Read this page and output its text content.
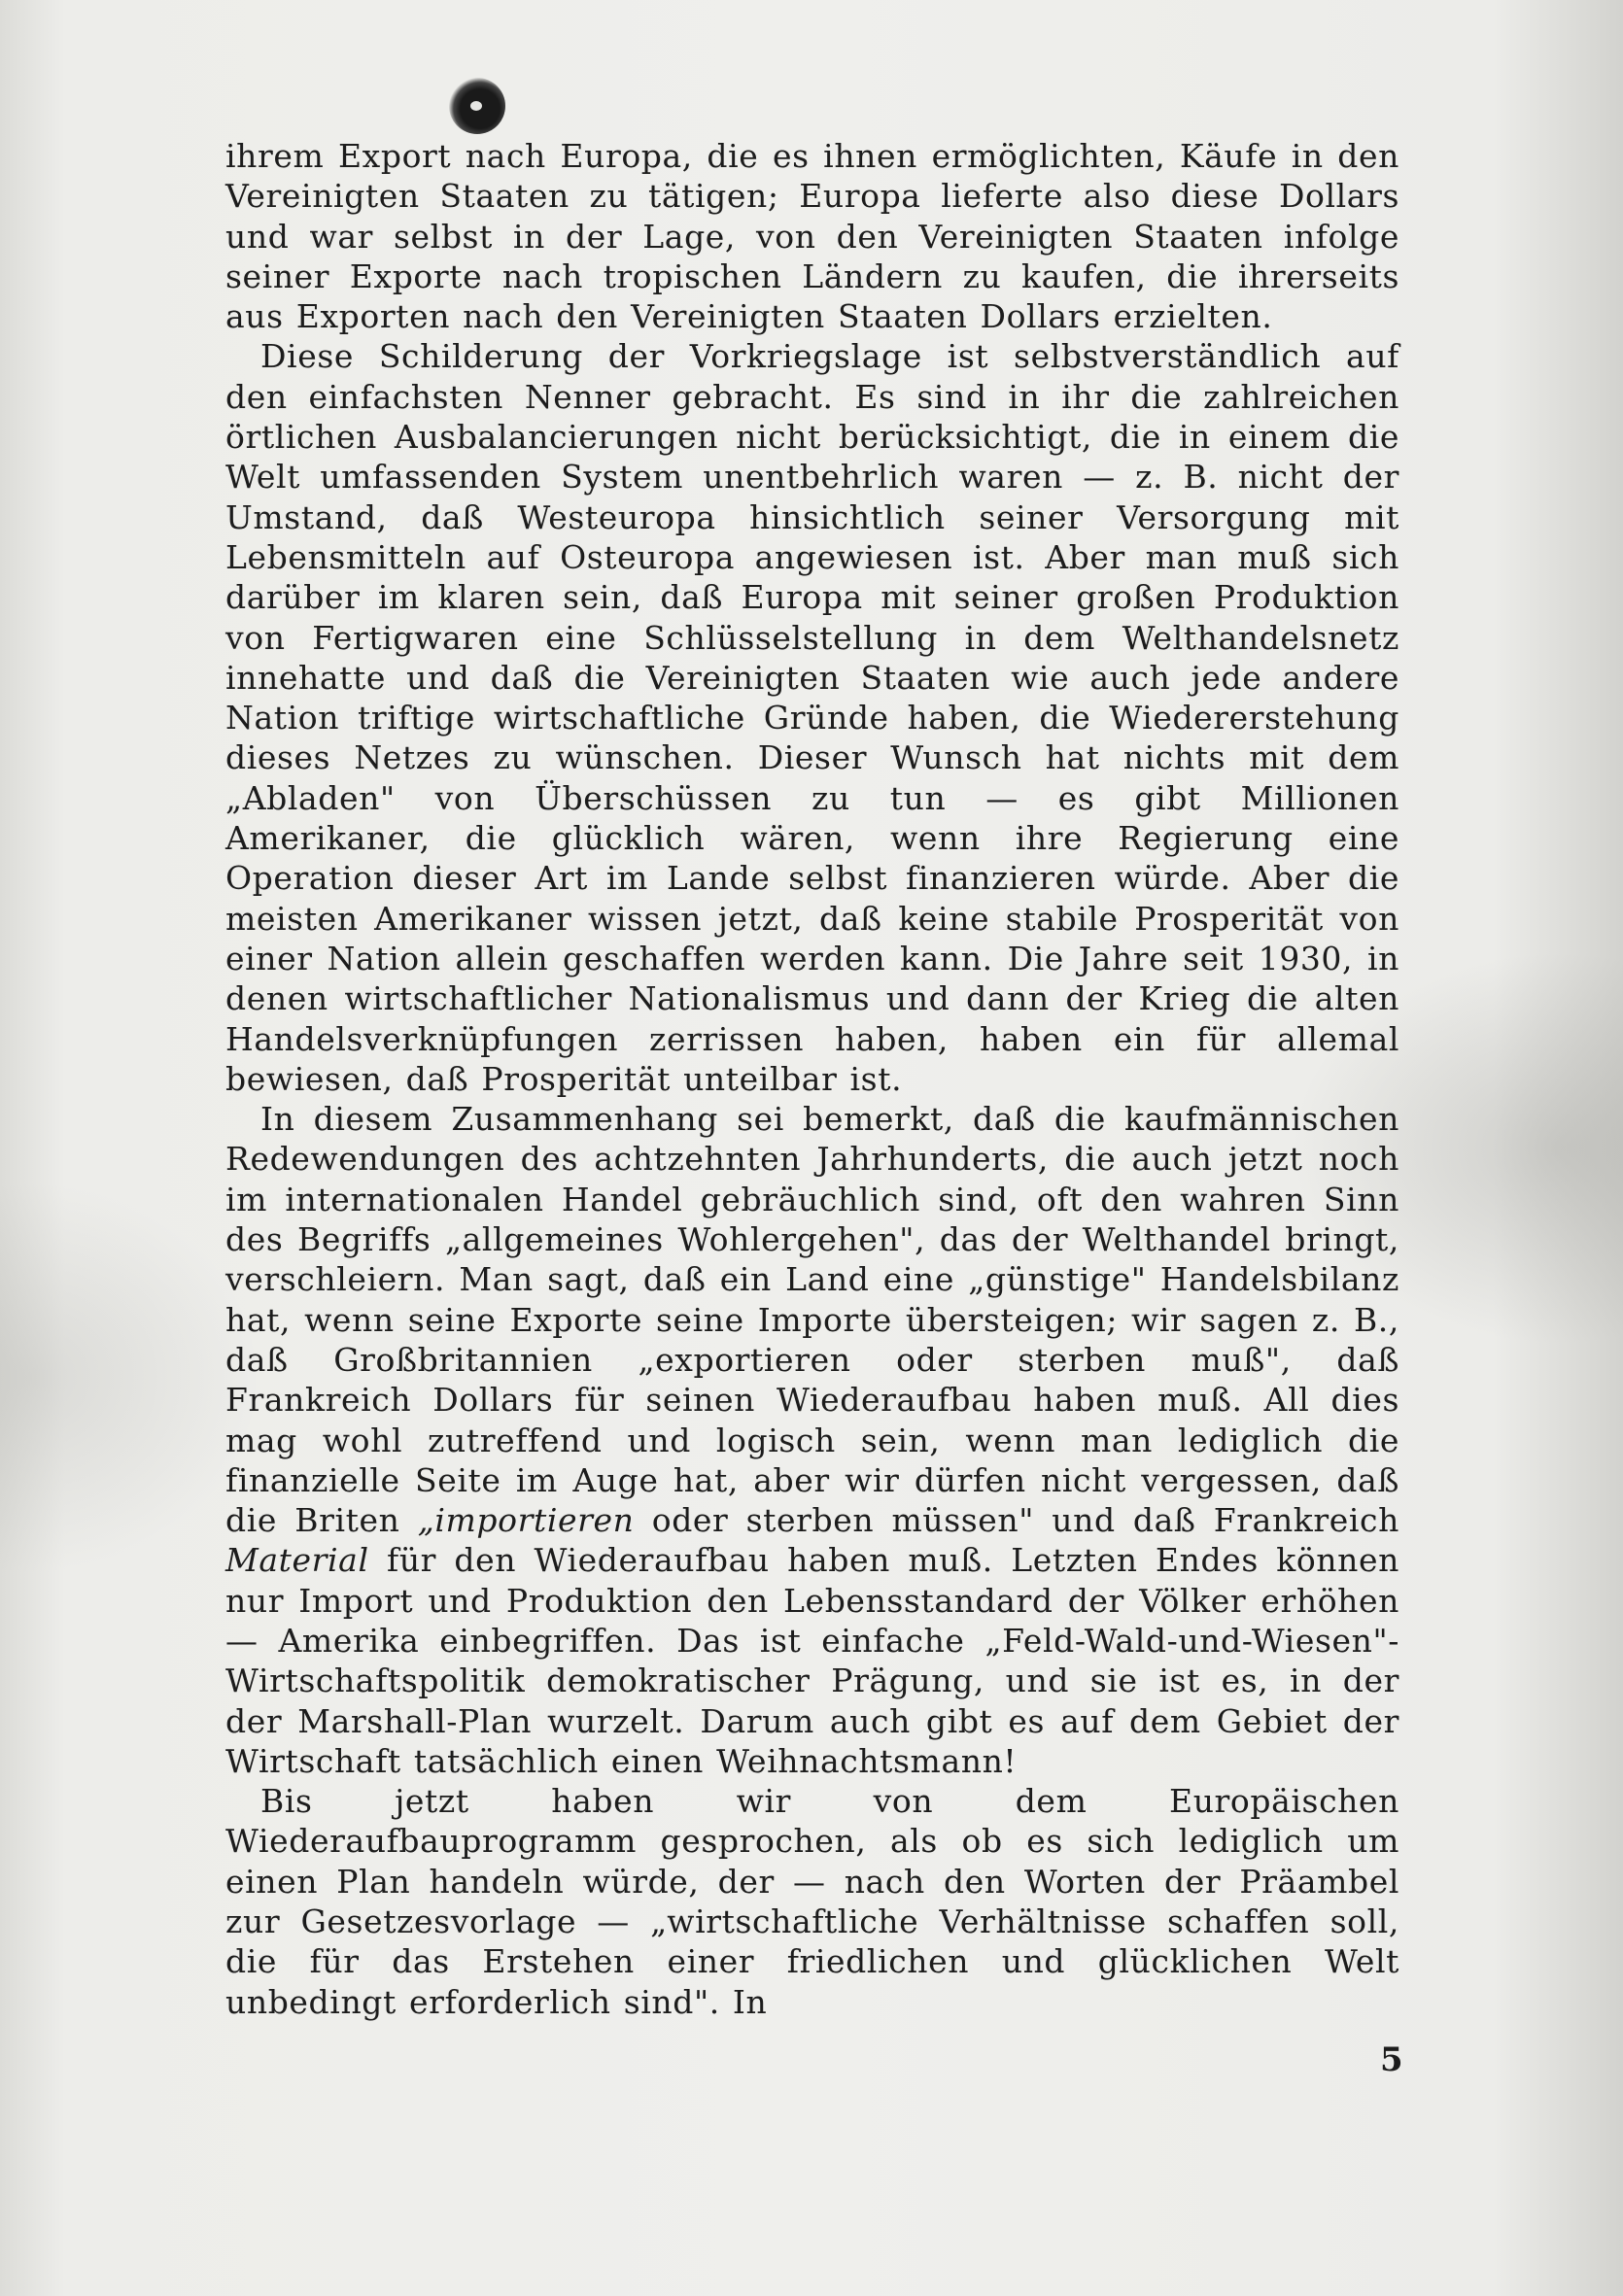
ihrem Export nach Europa, die es ihnen ermöglichten, Käufe in den Vereinigten Staaten zu tätigen; Europa lieferte also diese Dollars und war selbst in der Lage, von den Vereinigten Staaten infolge seiner Exporte nach tropischen Ländern zu kaufen, die ihrerseits aus Exporten nach den Vereinigten Staaten Dollars erzielten.

Diese Schilderung der Vorkriegslage ist selbstverständlich auf den einfachsten Nenner gebracht. Es sind in ihr die zahlreichen örtlichen Ausbalancierungen nicht berücksichtigt, die in einem die Welt umfassenden System unentbehrlich waren — z. B. nicht der Umstand, daß Westeuropa hinsichtlich seiner Versorgung mit Lebensmitteln auf Osteuropa angewiesen ist. Aber man muß sich darüber im klaren sein, daß Europa mit seiner großen Produktion von Fertigwaren eine Schlüsselstellung in dem Welthandelsnetz innehatte und daß die Vereinigten Staaten wie auch jede andere Nation triftige wirtschaftliche Gründe haben, die Wiedererstehung dieses Netzes zu wünschen. Dieser Wunsch hat nichts mit dem „Abladen" von Überschüssen zu tun — es gibt Millionen Amerikaner, die glücklich wären, wenn ihre Regierung eine Operation dieser Art im Lande selbst finanzieren würde. Aber die meisten Amerikaner wissen jetzt, daß keine stabile Prosperität von einer Nation allein geschaffen werden kann. Die Jahre seit 1930, in denen wirtschaftlicher Nationalismus und dann der Krieg die alten Handelsverknüpfungen zerrissen haben, haben ein für allemal bewiesen, daß Prosperität unteilbar ist.

In diesem Zusammenhang sei bemerkt, daß die kaufmännischen Redewendungen des achtzehnten Jahrhunderts, die auch jetzt noch im internationalen Handel gebräuchlich sind, oft den wahren Sinn des Begriffs „allgemeines Wohlergehen", das der Welthandel bringt, verschleiern. Man sagt, daß ein Land eine „günstige" Handelsbilanz hat, wenn seine Exporte seine Importe übersteigen; wir sagen z. B., daß Großbritannien „exportieren oder sterben muß", daß Frankreich Dollars für seinen Wiederaufbau haben muß. All dies mag wohl zutreffend und logisch sein, wenn man lediglich die finanzielle Seite im Auge hat, aber wir dürfen nicht vergessen, daß die Briten „importieren oder sterben müssen" und daß Frankreich Material für den Wiederaufbau haben muß. Letzten Endes können nur Import und Produktion den Lebensstandard der Völker erhöhen — Amerika einbegriffen. Das ist einfache „Feld-Wald-und-Wiesen"-Wirtschaftspolitik demokratischer Prägung, und sie ist es, in der der Marshall-Plan wurzelt. Darum auch gibt es auf dem Gebiet der Wirtschaft tatsächlich einen Weihnachtsmann!

Bis jetzt haben wir von dem Europäischen Wiederaufbauprogramm gesprochen, als ob es sich lediglich um einen Plan handeln würde, der — nach den Worten der Präambel zur Gesetzesvorlage — „wirtschaftliche Verhältnisse schaffen soll, die für das Erstehen einer friedlichen und glücklichen Welt unbedingt erforderlich sind". In

5
